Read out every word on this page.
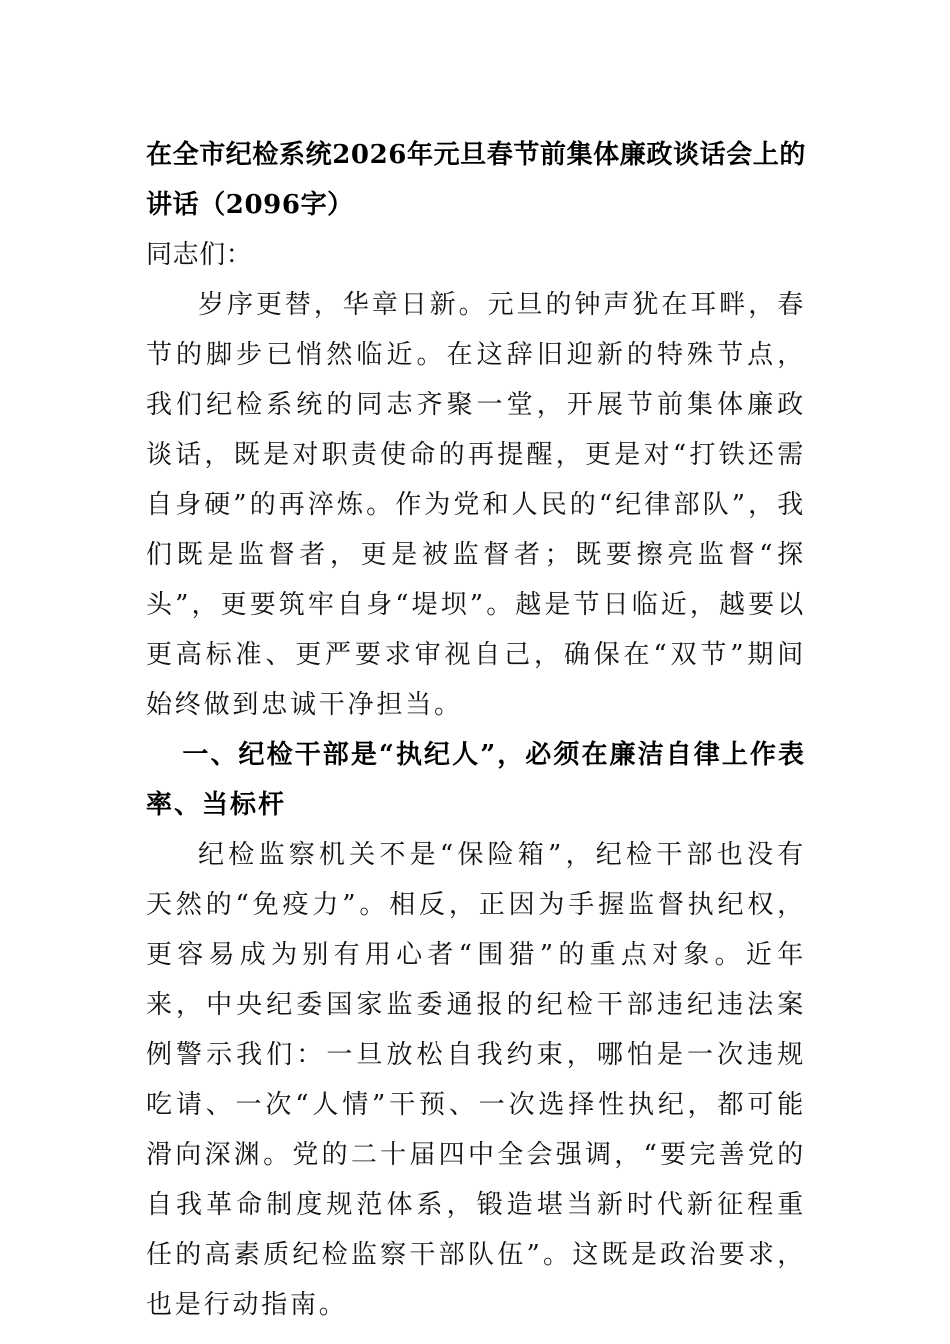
在全市纪检系统2026年元旦春节前集体廉政谈话会上的讲话（2096字）

同志们：

岁序更替，华章日新。元旦的钟声犹在耳畔，春节的脚步已悄然临近。在这辞旧迎新的特殊节点，我们纪检系统的同志齐聚一堂，开展节前集体廉政谈话，既是对职责使命的再提醒，更是对“打铁还需自身硬”的再淬炼。作为党和人民的“纪律部队”，我们既是监督者，更是被监督者；既要擦亮监督“探头”，更要筑牢自身“堤坝”。越是节日临近，越要以更高标准、更严要求审视自己，确保在“双节”期间始终做到忠诚干净担当。

一、纪检干部是“执纪人”，必须在廉洁自律上作表率、当标杆

纪检监察机关不是“保险箱”，纪检干部也没有天然的“免疫力”。相反，正因为手握监督执纪权，更容易成为别有用心者“围猎”的重点对象。近年来，中央纪委国家监委通报的纪检干部违纪违法案例警示我们：一旦放松自我约束，哪怕是一次违规吃请、一次“人情”干预、一次选择性执纪，都可能滑向深渊。党的二十届四中全会强调，“要完善党的自我革命制度规范体系，锻造堪当新时代新征程重任的高素质纪检监察干部队伍”。这既是政治要求，也是行动指南。
